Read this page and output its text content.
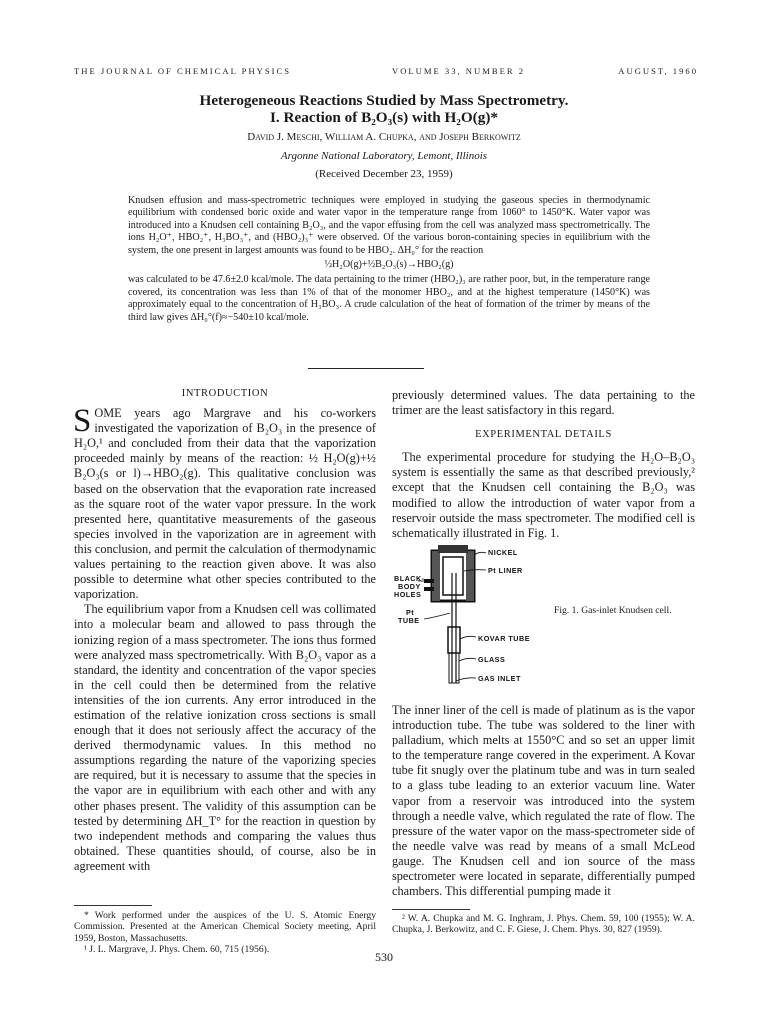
THE JOURNAL OF CHEMICAL PHYSICS	VOLUME 33, NUMBER 2	AUGUST, 1960
Heterogeneous Reactions Studied by Mass Spectrometry.
I. Reaction of B₂O₃(s) with H₂O(g)*
David J. Meschi, William A. Chupka, and Joseph Berkowitz
Argonne National Laboratory, Lemont, Illinois
(Received December 23, 1959)

Knudsen effusion and mass-spectrometric techniques were employed in studying the gaseous species in thermodynamic equilibrium with condensed boric oxide and water vapor in the temperature range from 1060° to 1450°K. Water vapor was introduced into a Knudsen cell containing B₂O₃, and the vapor effusing from the cell was analyzed mass spectrometrically. The ions H₂O⁺, HBO₂⁺, H₃BO₃⁺, and (HBO₂)₃⁺ were observed. Of the various boron-containing species in equilibrium with the system, the one present in largest amounts was found to be HBO₂. ΔH₀° for the reaction

½H₂O(g)+½B₂O₃(s)→HBO₂(g)

was calculated to be 47.6±2.0 kcal/mole. The data pertaining to the trimer (HBO₂)₃ are rather poor, but, in the temperature range covered, its concentration was less than 1% of that of the monomer HBO₂, and at the highest temperature (1450°K) was approximately equal to the concentration of H₃BO₃. A crude calculation of the heat of formation of the trimer by means of the third law gives ΔH₀°(f)≈−540±10 kcal/mole.

INTRODUCTION

SOME years ago Margrave and his co-workers investigated the vaporization of B₂O₃ in the presence of H₂O,¹ and concluded from their data that the vaporization proceeded mainly by means of the reaction: ½ H₂O(g)+½ B₂O₃(s or l)→HBO₂(g). This qualitative conclusion was based on the observation that the evaporation rate increased as the square root of the water vapor pressure. In the work presented here, quantitative measurements of the gaseous species involved in the vaporization are in agreement with this conclusion, and permit the calculation of thermodynamic values pertaining to the reaction given above. It was also possible to determine what other species contributed to the vaporization.

The equilibrium vapor from a Knudsen cell was collimated into a molecular beam and allowed to pass through the ionizing region of a mass spectrometer. The ions thus formed were analyzed mass spectrometrically. With B₂O₃ vapor as a standard, the identity and concentration of the vapor species in the cell could then be determined from the relative intensities of the ion currents. Any error introduced in the estimation of the relative ionization cross sections is small enough that it does not seriously affect the accuracy of the derived thermodynamic values. In this method no assumptions regarding the nature of the vaporizing species are required, but it is necessary to assume that the species in the vapor are in equilibrium with each other and with any other phases present. The validity of this assumption can be tested by determining ΔH_T° for the reaction in question by two independent methods and comparing the values thus obtained. These quantities should, of course, also be in agreement with

previously determined values. The data pertaining to the trimer are the least satisfactory in this regard.

EXPERIMENTAL DETAILS

The experimental procedure for studying the H₂O–B₂O₃ system is essentially the same as that described previously,² except that the Knudsen cell containing the B₂O₃ was modified to allow the introduction of water vapor from a reservoir outside the mass spectrometer. The modified cell is schematically illustrated in Fig. 1.

NICKEL
Pt LINER
BLACK-
BODY
HOLES
Pt
TUBE
KOVAR TUBE
GLASS
GAS INLET
Fig. 1. Gas-inlet Knudsen cell.

The inner liner of the cell is made of platinum as is the vapor introduction tube. The tube was soldered to the liner with palladium, which melts at 1550°C and so set an upper limit to the temperature range covered in the experiment. A Kovar tube fit snugly over the platinum tube and was in turn sealed to a glass tube leading to an exterior vacuum line. Water vapor from a reservoir was introduced into the system through a needle valve, which regulated the rate of flow. The pressure of the water vapor on the mass-spectrometer side of the needle valve was read by means of a small McLeod gauge. The Knudsen cell and ion source of the mass spectrometer were located in separate, differentially pumped chambers. This differential pumping made it

* Work performed under the auspices of the U. S. Atomic Energy Commission. Presented at the American Chemical Society meeting, April 1959, Boston, Massachusetts.

¹ J. L. Margrave, J. Phys. Chem. 60, 715 (1956).

² W. A. Chupka and M. G. Inghram, J. Phys. Chem. 59, 100 (1955); W. A. Chupka, J. Berkowitz, and C. F. Giese, J. Chem. Phys. 30, 827 (1959).

530
